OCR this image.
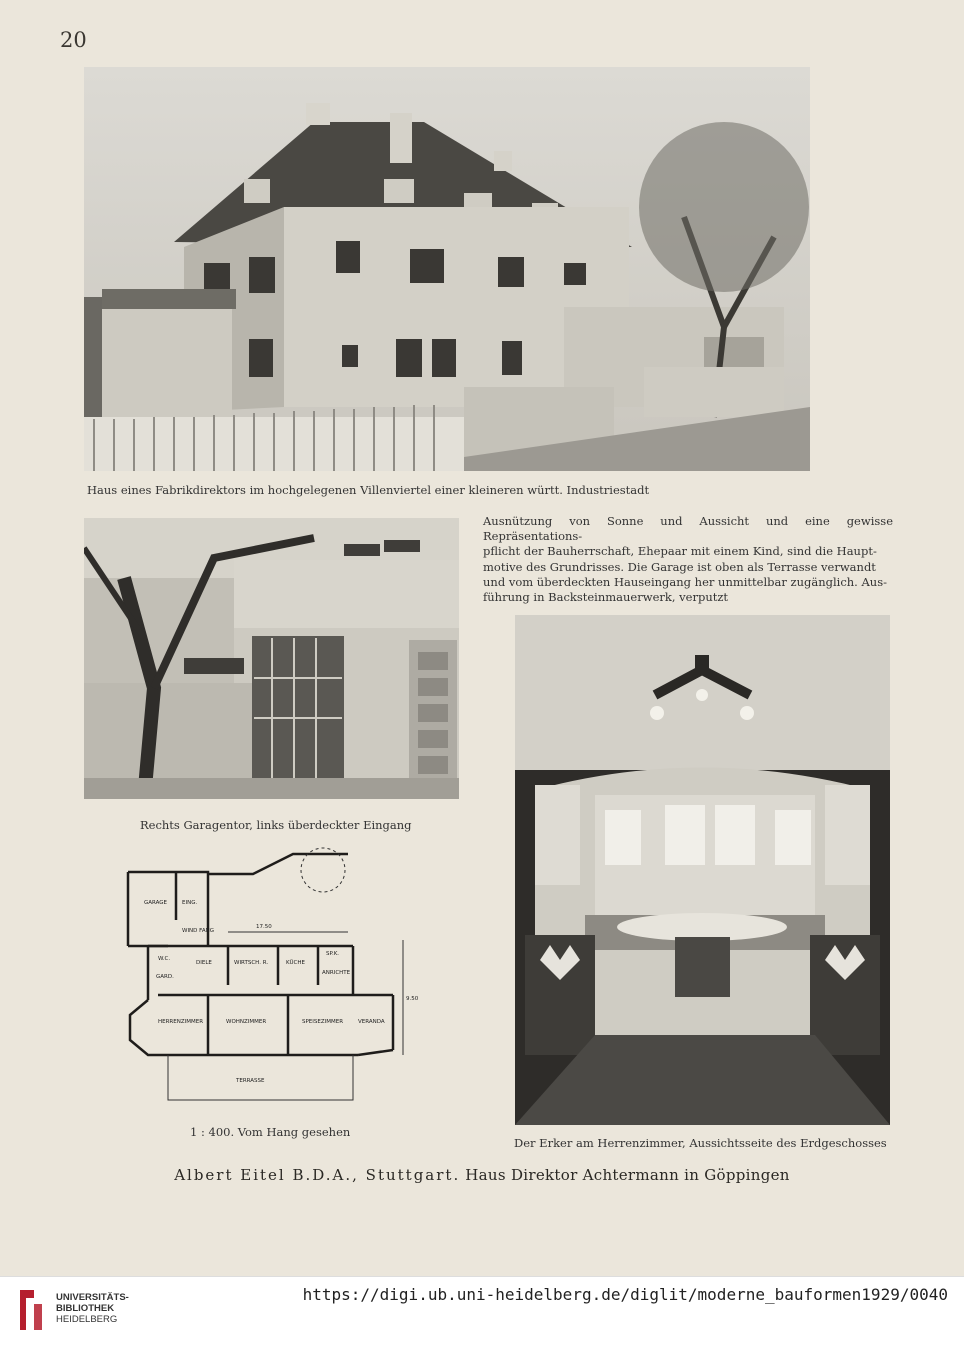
20
Haus eines Fabrikdirektors im hochgelegenen Villenviertel einer kleineren württ. Industriestadt
Rechts Garagentor, links überdeckter Eingang
Ausnützung von Sonne und Aussicht und eine gewisse Repräsentations-
pflicht der Bauherrschaft, Ehepaar mit einem Kind, sind die Haupt-
motive des Grundrisses. Die Garage ist oben als Terrasse verwandt
und vom überdeckten Hauseingang her unmittelbar zugänglich. Aus-
führung in Backsteinmauerwerk, verputzt
Der Erker am Herrenzimmer, Aussichtsseite des Erdgeschosses
GARAGE	EING.
WIND FANG
W.C.
GARD.
DIELE	WIRTSCH. R.	KÜCHE
SP.K.
ANRICHTE
HERRENZIMMER	WOHNZIMMER	SPEISEZIMMER	VERANDA
TERRASSE
17.50
9.50
1 : 400. Vom Hang gesehen
Albert Eitel B.D.A., Stuttgart. Haus Direktor Achtermann in Göppingen
UNIVERSITÄTS-
BIBLIOTHEK
HEIDELBERG
https://digi.ub.uni-heidelberg.de/diglit/moderne_bauformen1929/0040
